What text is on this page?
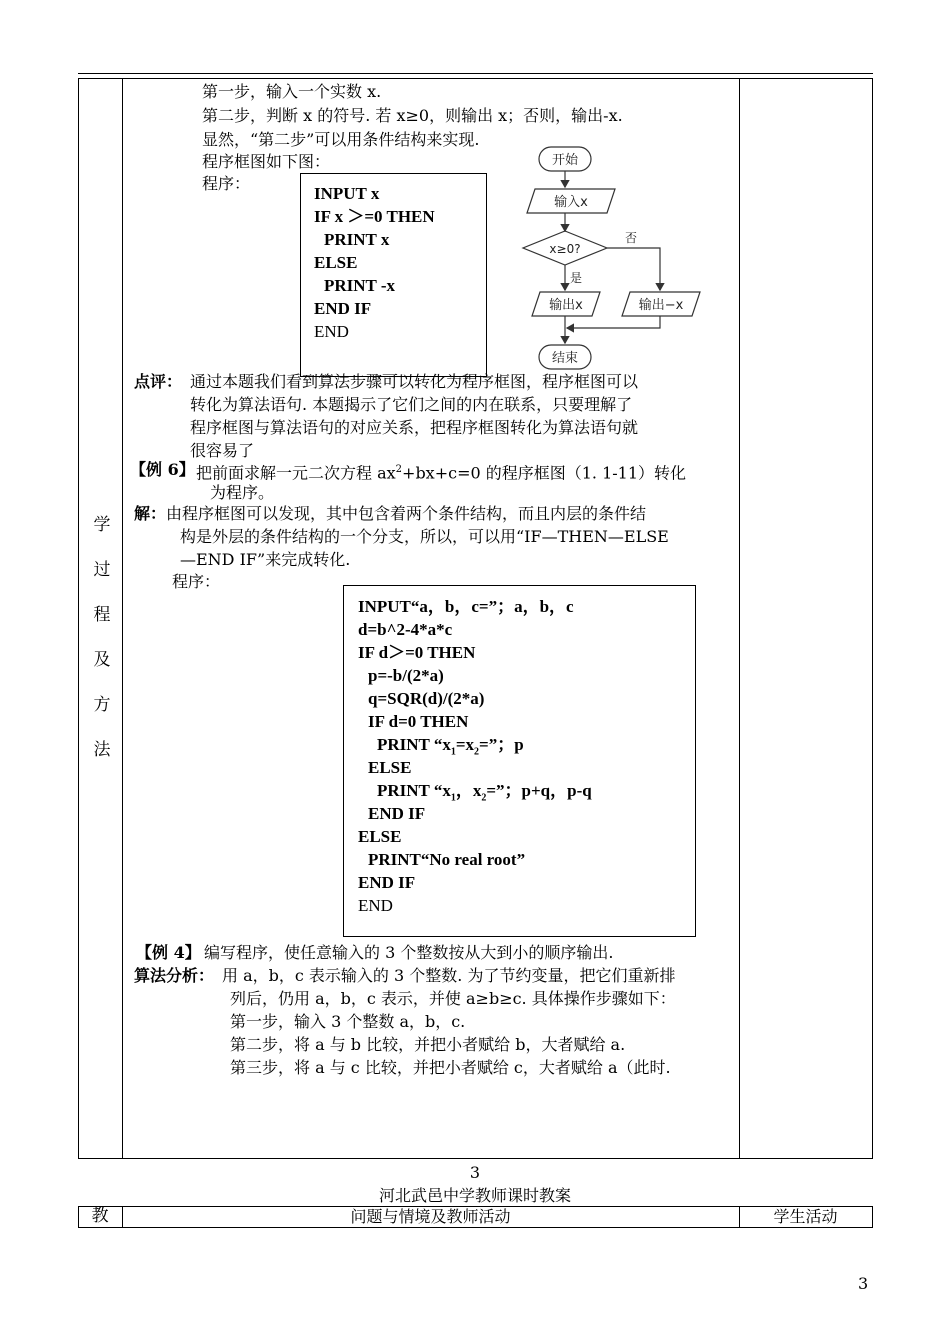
学
过
程
及
方
法
第一步，输入一个实数 x.
第二步，判断 x 的符号. 若 x≥0，则输出 x；否则，输出-x.
显然，“第二步”可以用条件结构来实现.
程序框图如下图：
程序：
INPUT x
IF x ＞=0 THEN
PRINT x
ELSE
PRINT -x
END IF
END
开始
输入x
x≥0?
否
是
输出x	输出−x
结束
点评： 通过本题我们看到算法步骤可以转化为程序框图，程序框图可以
转化为算法语句. 本题揭示了它们之间的内在联系，只要理解了
程序框图与算法语句的对应关系，把程序框图转化为算法语句就
很容易了
【例 6】 把前面求解一元二次方程 $ax^2+bx+c=0$ 的程序框图（1. 1-11）转化
为程序。
解： 由程序框图可以发现，其中包含着两个条件结构，而且内层的条件结
构是外层的条件结构的一个分支，所以，可以用“IF—THEN—ELSE
—END IF”来完成转化.
程序：
INPUT“a，b，c=”；a，b，c
d=b^2-4*a*c
IF d＞=0 THEN
p=-b/(2*a)
q=SQR(d)/(2*a)
IF d=0 THEN
PRINT “$x_1=x_2=$”；p
ELSE
PRINT “$x_1$，$x_2=$”；p+q，p-q
END IF
ELSE
PRINT“No real root”
END IF
END
【例 4】 编写程序，使任意输入的 3 个整数按从大到小的顺序输出.
算法分析： 用 a，b，c 表示输入的 3 个整数. 为了节约变量，把它们重新排
列后，仍用 a，b，c 表示，并使 a≥b≥c. 具体操作步骤如下：
第一步，输入 3 个整数 a，b，c.
第二步，将 a 与 b 比较，并把小者赋给 b，大者赋给 a.
第三步，将 a 与 c 比较，并把小者赋给 c，大者赋给 a（此时.
3
河北武邑中学教师课时教案
教	问题与情境及教师活动	学生活动
3
